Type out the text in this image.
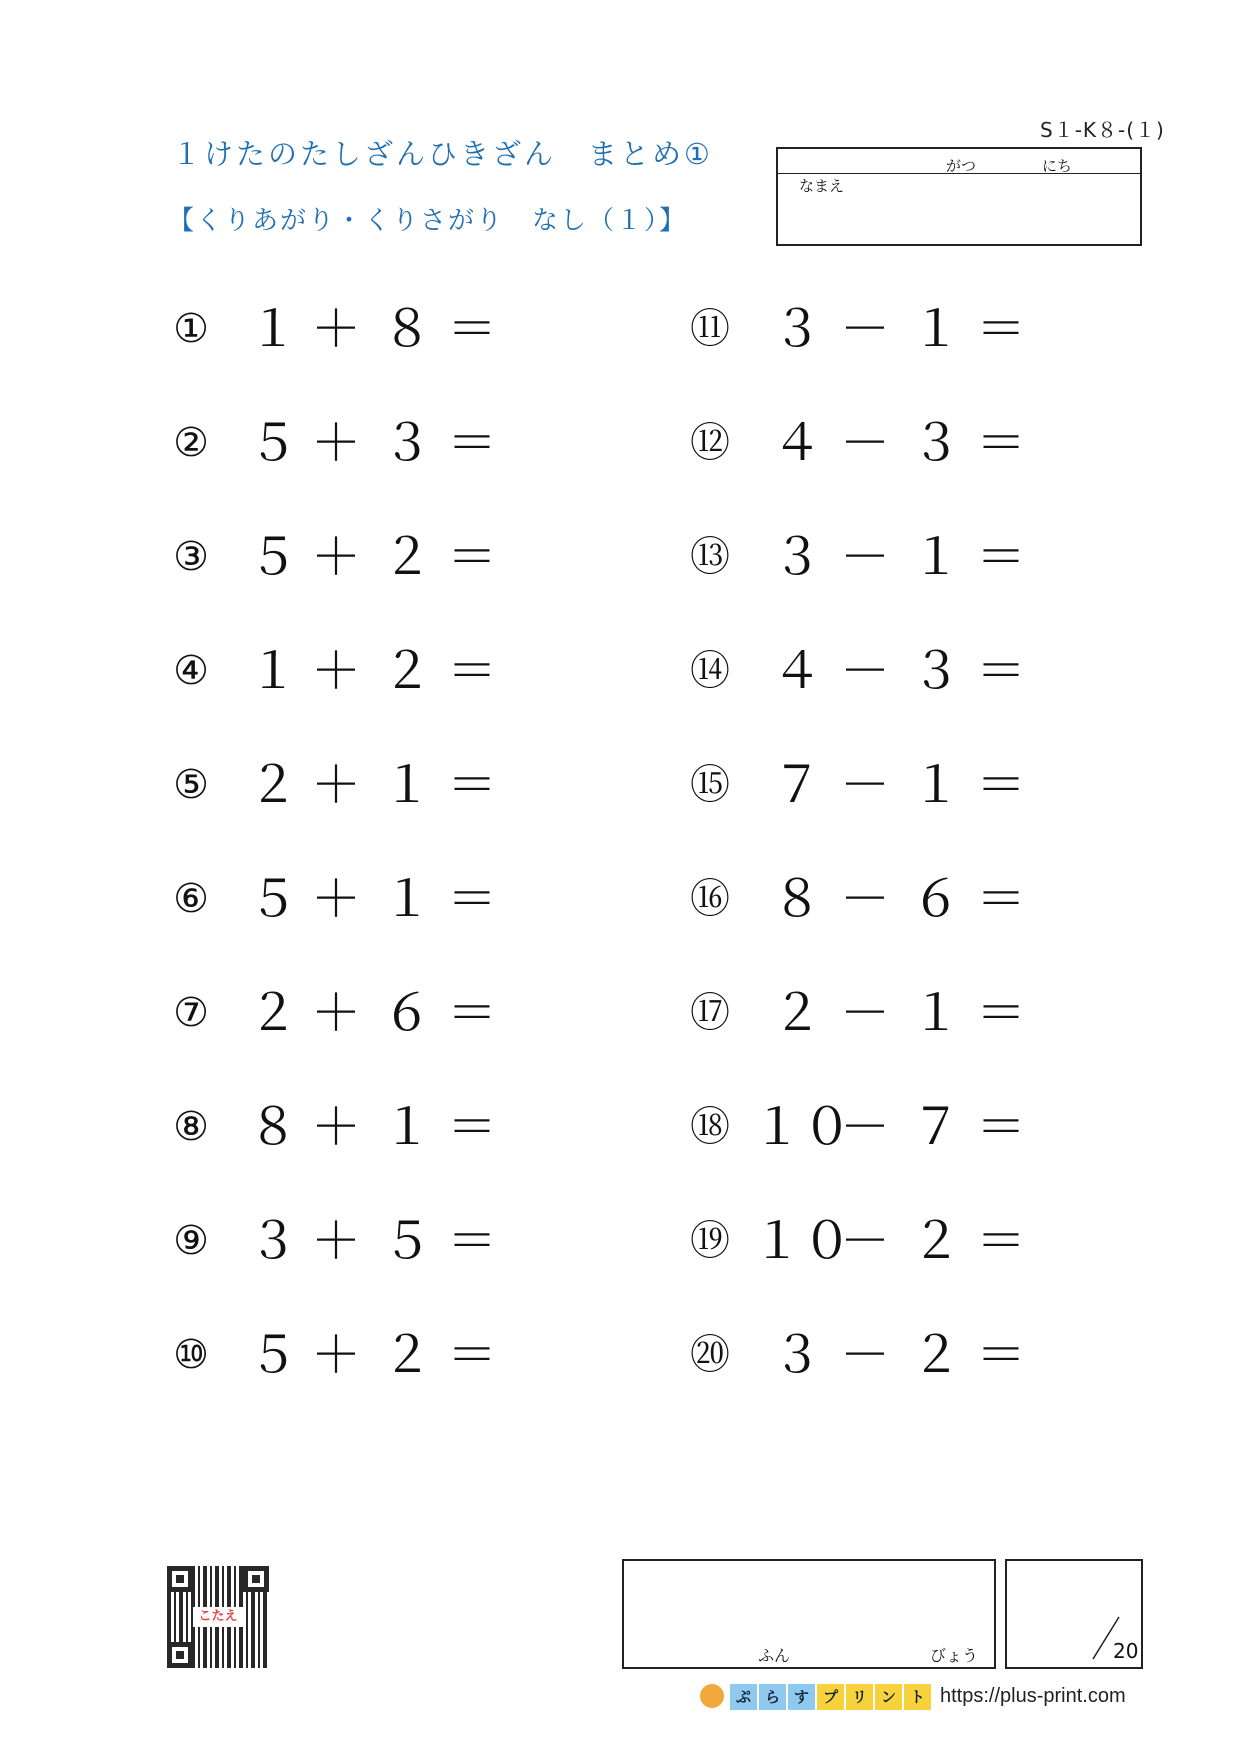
１けたのたしざんひきざん　まとめ①
【くりあがり・くりさがり　なし（１）】
S１-K８-(１)
がつ	にち
なまえ
① １ ＋ ８ ＝
② ５ ＋ ３ ＝
③ ５ ＋ ２ ＝
④ １ ＋ ２ ＝
⑤ ２ ＋ １ ＝
⑥ ５ ＋ １ ＝
⑦ ２ ＋ ６ ＝
⑧ ８ ＋ １ ＝
⑨ ３ ＋ ５ ＝
⑩ ５ ＋ ２ ＝
⑪ ３ － １ ＝
⑫ ４ － ３ ＝
⑬ ３ － １ ＝
⑭ ４ － ３ ＝
⑮ ７ － １ ＝
⑯ ８ － ６ ＝
⑰ ２ － １ ＝
⑱ １０
－ ７ ＝
⑲ １０
－ ２ ＝
⑳ ３ － ２ ＝
こたえ
ふん	びょう	20
ぷ ら す プ リ ン ト https://plus-print.com
